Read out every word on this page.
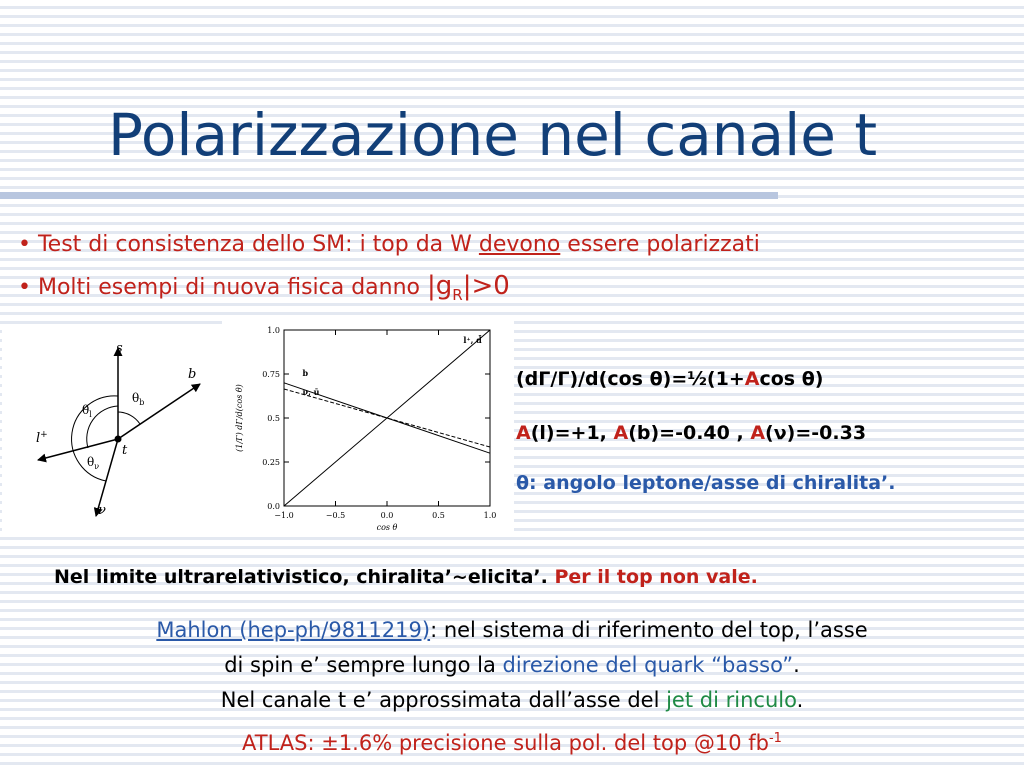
Polarizzazione nel canale t
• Test di consistenza dello SM: i top da W devono essere polarizzati
• Molti esempi di nuova fisica danno $|g_R|>0$
s
b
l+
ν
t
$\theta_l$
$\theta_b$
$\theta_\nu$
−1.0	−0.5	0.0	0.5	1.0
0.0
0.25
0.5
0.75
1.0
cos θ
(1/Γ) dΓ/d(cos θ)
l⁺, d̄
b
ν, ū
(dΓ/Γ)/d(cos θ)=½(1+Acos θ)
A(l)=+1, A(b)=-0.40 , A(ν)=-0.33
θ: angolo leptone/asse di chiralita’.
Nel limite ultrarelativistico, chiralita’~elicita’. Per il top non vale.
Mahlon (hep-ph/9811219): nel sistema di riferimento del top, l’asse
di spin e’ sempre lungo la direzione del quark “basso”.
Nel canale t e’ approssimata dall’asse del jet di rinculo.
ATLAS: ±1.6% precisione sulla pol. del top @10 $fb^{-1}$
